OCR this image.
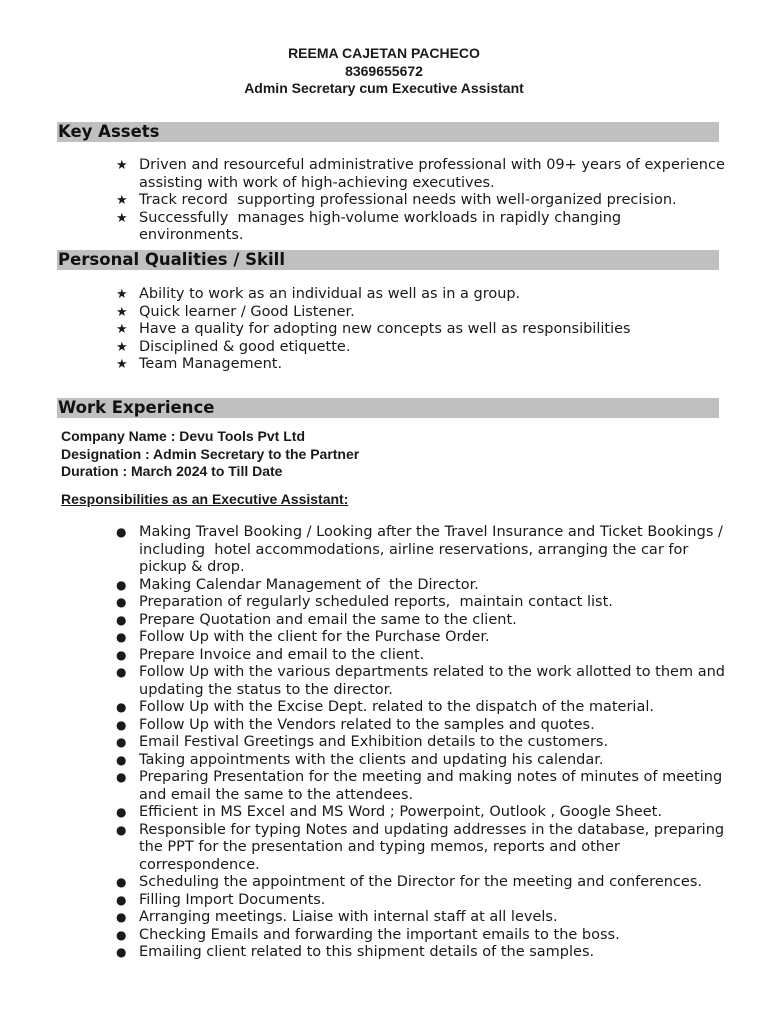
REEMA CAJETAN PACHECO
8369655672
Admin Secretary cum Executive Assistant
Key Assets
★ Driven and resourceful administrative professional with 09+ years of experience assisting with work of high-achieving executives.
★ Track record  supporting professional needs with well-organized precision.
★ Successfully  manages high-volume workloads in rapidly changing environments.
Personal Qualities / Skill
★ Ability to work as an individual as well as in a group.
★ Quick learner / Good Listener.
★ Have a quality for adopting new concepts as well as responsibilities
★ Disciplined & good etiquette.
★ Team Management.
Work Experience
Company Name : Devu Tools Pvt Ltd
Designation : Admin Secretary to the Partner
Duration : March 2024 to Till Date
Responsibilities as an Executive Assistant:
● Making Travel Booking / Looking after the Travel Insurance and Ticket Bookings / including  hotel accommodations, airline reservations, arranging the car for pickup & drop.
● Making Calendar Management of  the Director.
● Preparation of regularly scheduled reports,  maintain contact list.
● Prepare Quotation and email the same to the client.
● Follow Up with the client for the Purchase Order.
● Prepare Invoice and email to the client.
● Follow Up with the various departments related to the work allotted to them and updating the status to the director.
● Follow Up with the Excise Dept. related to the dispatch of the material.
● Follow Up with the Vendors related to the samples and quotes.
● Email Festival Greetings and Exhibition details to the customers.
● Taking appointments with the clients and updating his calendar.
● Preparing Presentation for the meeting and making notes of minutes of meeting  and email the same to the attendees.
● Efficient in MS Excel and MS Word ; Powerpoint, Outlook , Google Sheet.
● Responsible for typing Notes and updating addresses in the database, preparing  the PPT for the presentation and typing memos, reports and other correspondence.
● Scheduling the appointment of the Director for the meeting and conferences.
● Filling Import Documents.
● Arranging meetings. Liaise with internal staff at all levels.
● Checking Emails and forwarding the important emails to the boss.
● Emailing client related to this shipment details of the samples.
